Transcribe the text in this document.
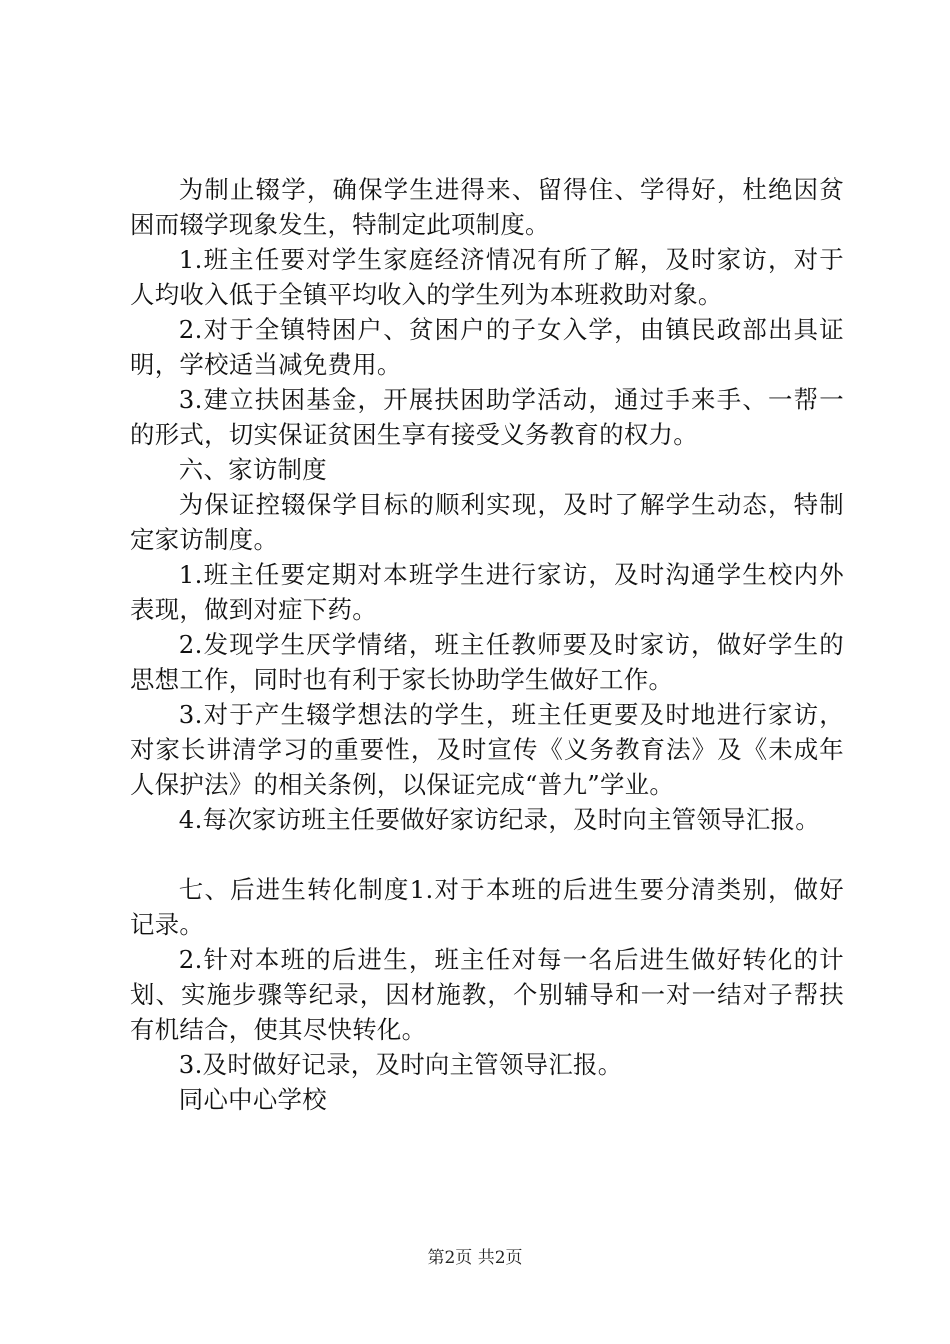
为制止辍学，确保学生进得来、留得住、学得好，杜绝因贫困而辍学现象发生，特制定此项制度。

1.班主任要对学生家庭经济情况有所了解，及时家访，对于人均收入低于全镇平均收入的学生列为本班救助对象。

2.对于全镇特困户、贫困户的子女入学，由镇民政部出具证明，学校适当减免费用。

3.建立扶困基金，开展扶困助学活动，通过手来手、一帮一的形式，切实保证贫困生享有接受义务教育的权力。

六、家访制度

为保证控辍保学目标的顺利实现，及时了解学生动态，特制定家访制度。

1.班主任要定期对本班学生进行家访，及时沟通学生校内外表现，做到对症下药。

2.发现学生厌学情绪，班主任教师要及时家访，做好学生的思想工作，同时也有利于家长协助学生做好工作。

3.对于产生辍学想法的学生，班主任更要及时地进行家访，对家长讲清学习的重要性，及时宣传《义务教育法》及《未成年人保护法》的相关条例，以保证完成“普九”学业。

4.每次家访班主任要做好家访纪录，及时向主管领导汇报。

七、后进生转化制度1.对于本班的后进生要分清类别，做好记录。

2.针对本班的后进生，班主任对每一名后进生做好转化的计划、实施步骤等纪录，因材施教，个别辅导和一对一结对子帮扶有机结合，使其尽快转化。

3.及时做好记录，及时向主管领导汇报。

同心中心学校

第2页 共2页
